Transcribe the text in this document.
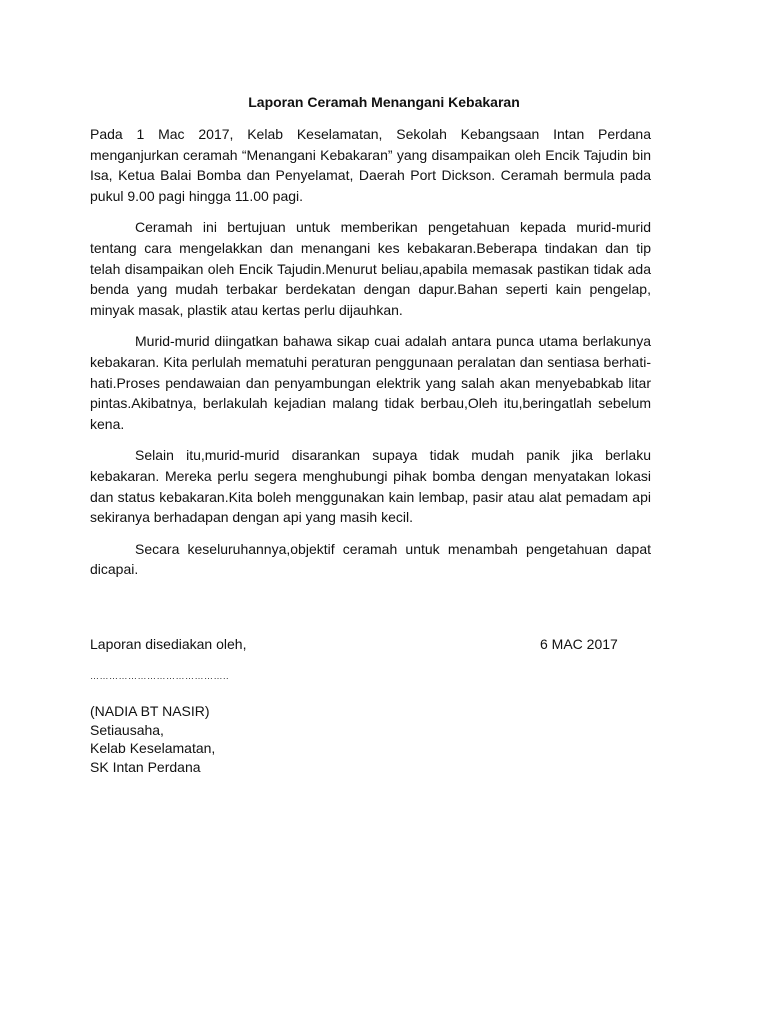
Laporan Ceramah Menangani Kebakaran

Pada 1 Mac 2017, Kelab Keselamatan, Sekolah Kebangsaan Intan Perdana menganjurkan ceramah “Menangani Kebakaran” yang disampaikan oleh Encik Tajudin bin Isa, Ketua Balai Bomba dan Penyelamat, Daerah Port Dickson. Ceramah bermula pada pukul 9.00 pagi hingga 11.00 pagi.

Ceramah ini bertujuan untuk memberikan pengetahuan kepada murid-murid tentang cara mengelakkan dan menangani kes kebakaran.Beberapa tindakan dan tip telah disampaikan oleh Encik Tajudin.Menurut beliau,apabila memasak pastikan tidak ada benda yang mudah terbakar berdekatan dengan dapur.Bahan seperti kain pengelap, minyak masak, plastik atau kertas perlu dijauhkan.

Murid-murid diingatkan bahawa sikap cuai adalah antara punca utama berlakunya kebakaran. Kita perlulah mematuhi peraturan penggunaan peralatan dan sentiasa berhati-hati.Proses pendawaian dan penyambungan elektrik yang salah akan menyebabkab litar pintas.Akibatnya, berlakulah kejadian malang tidak berbau,Oleh itu,beringatlah sebelum kena.

Selain itu,murid-murid disarankan supaya tidak mudah panik jika berlaku kebakaran. Mereka perlu segera menghubungi pihak bomba dengan menyatakan lokasi dan status kebakaran.Kita boleh menggunakan kain lembap, pasir atau alat pemadam api sekiranya berhadapan dengan api yang masih kecil.

Secara keseluruhannya,objektif ceramah untuk menambah pengetahuan dapat dicapai.

Laporan disediakan oleh,	6 MAC 2017
……………………………………..
(NADIA BT NASIR)
Setiausaha,
Kelab Keselamatan,
SK Intan Perdana
